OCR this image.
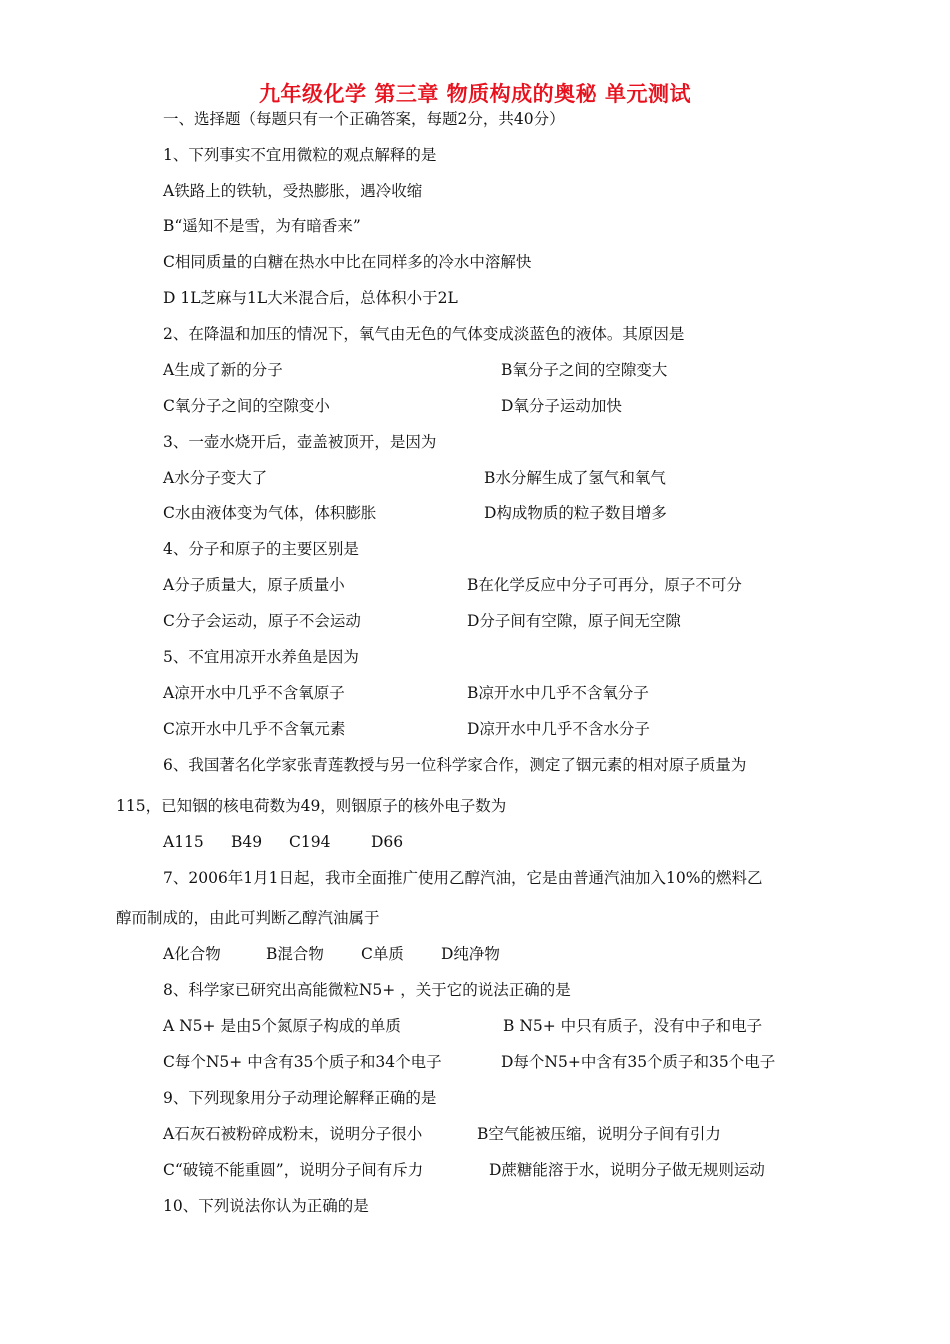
九年级化学 第三章 物质构成的奥秘 单元测试
一、选择题（每题只有一个正确答案，每题2分，共40分）
1、下列事实不宜用微粒的观点解释的是
A铁路上的铁轨，受热膨胀，遇冷收缩
B“遥知不是雪，为有暗香来”
C相同质量的白糖在热水中比在同样多的冷水中溶解快
D 1L芝麻与1L大米混合后，总体积小于2L
2、在降温和加压的情况下，氧气由无色的气体变成淡蓝色的液体。其原因是
A生成了新的分子	B氧分子之间的空隙变大
C氧分子之间的空隙变小	D氧分子运动加快
3、一壶水烧开后，壶盖被顶开，是因为
A水分子变大了	B水分解生成了氢气和氧气
C水由液体变为气体，体积膨胀	D构成物质的粒子数目增多
4、分子和原子的主要区别是
A分子质量大，原子质量小	B在化学反应中分子可再分，原子不可分
C分子会运动，原子不会运动	D分子间有空隙，原子间无空隙
5、不宜用凉开水养鱼是因为
A凉开水中几乎不含氧原子	B凉开水中几乎不含氧分子
C凉开水中几乎不含氧元素	D凉开水中几乎不含水分子
6、我国著名化学家张青莲教授与另一位科学家合作，测定了铟元素的相对原子质量为
115，已知铟的核电荷数为49，则铟原子的核外电子数为
A115 B49 C194	D66
7、2006年1月1日起，我市全面推广使用乙醇汽油，它是由普通汽油加入10%的燃料乙
醇而制成的，由此可判断乙醇汽油属于
A化合物	B混合物 C单质 D纯净物
8、科学家已研究出高能微粒N5+ ，关于它的说法正确的是
A N5+ 是由5个氮原子构成的单质	B N5+ 中只有质子，没有中子和电子
C每个N5+ 中含有35个质子和34个电子	D每个N5+中含有35个质子和35个电子
9、下列现象用分子动理论解释正确的是
A石灰石被粉碎成粉末，说明分子很小	B空气能被压缩，说明分子间有引力
C“破镜不能重圆”，说明分子间有斥力	D蔗糖能溶于水，说明分子做无规则运动
10、下列说法你认为正确的是
